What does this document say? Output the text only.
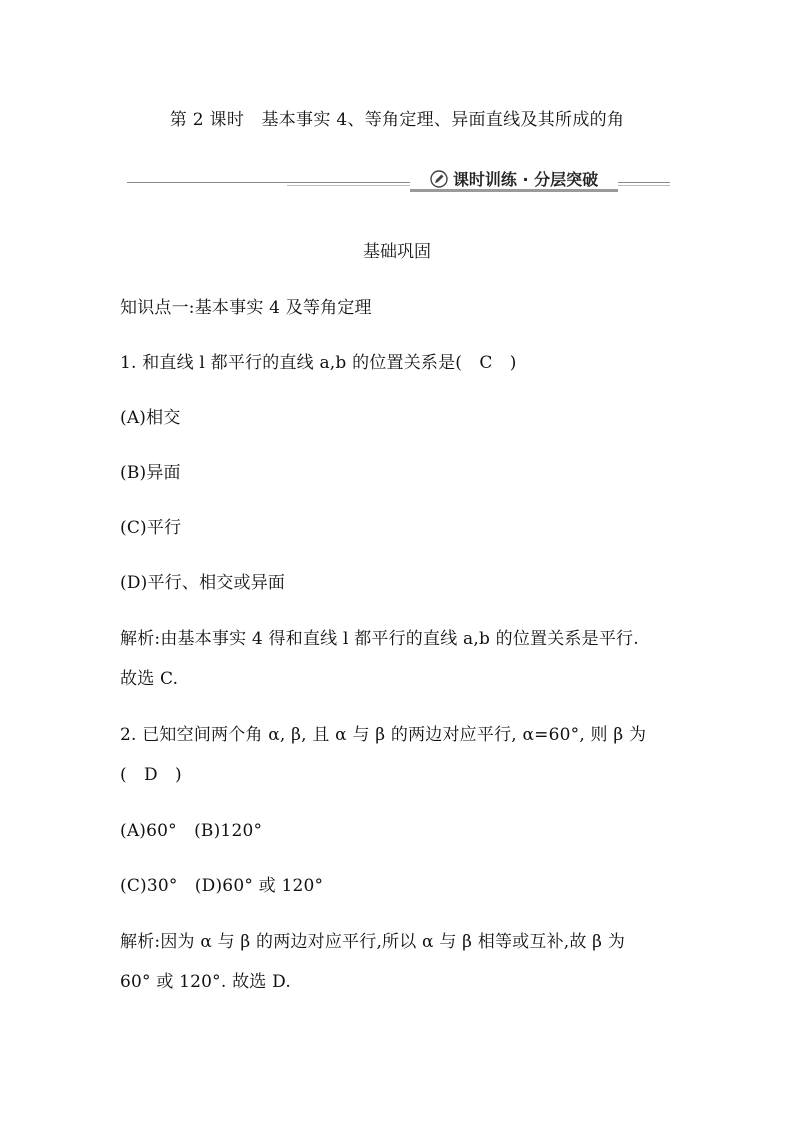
第 2 课时　基本事实 4、等角定理、异面直线及其所成的角
课时训练 · 分层突破
基础巩固
知识点一:基本事实 4 及等角定理
1. 和直线 l 都平行的直线 a,b 的位置关系是(　C　)
(A)相交
(B)异面
(C)平行
(D)平行、相交或异面
解析:由基本事实 4 得和直线 l 都平行的直线 a,b 的位置关系是平行.
故选 C.
2. 已知空间两个角 α, β, 且 α 与 β 的两边对应平行, α=60°, 则 β 为
(　D　)
(A)60°　(B)120°
(C)30°　(D)60° 或 120°
解析:因为 α 与 β 的两边对应平行,所以 α 与 β 相等或互补,故 β 为
60° 或 120°. 故选 D.
